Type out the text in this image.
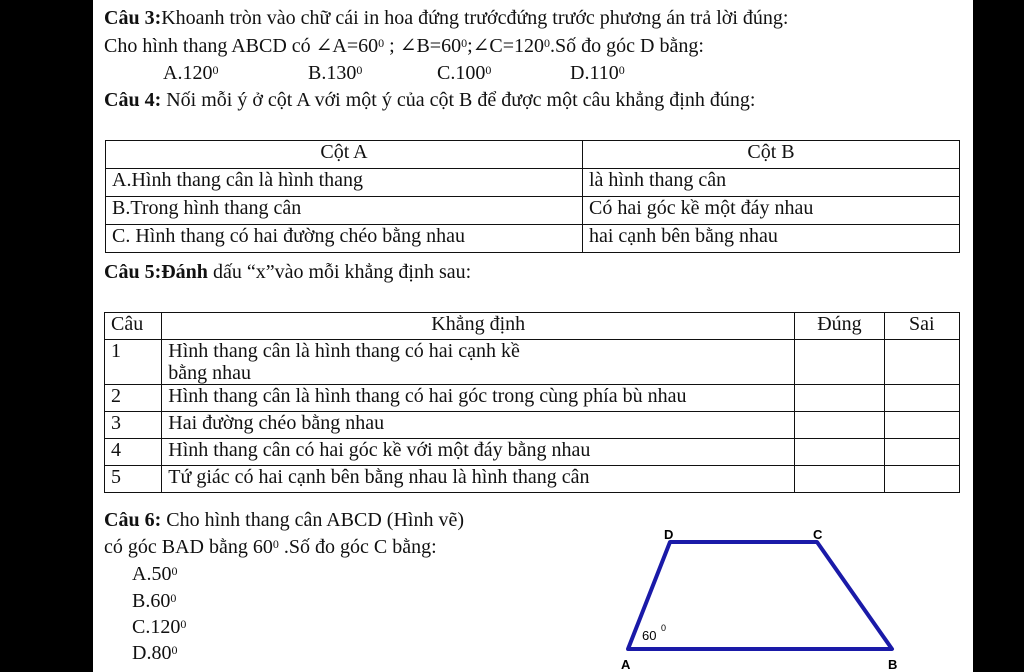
Câu 3:Khoanh tròn vào chữ cái in hoa đứng trướcđứng trước phương án trả lời đúng:
Cho hình thang ABCD có $\angle A=60^0$ ; $\angle B=60^0;\angle C=120^0.Số$ đo góc D bằng:
A.120$^0$	B.130$^0$	C.100$^0$	D.110$^0$
Câu 4: Nối mỗi ý ở cột A với một ý của cột B để được một câu khẳng định đúng:
Cột A	Cột B
A.Hình thang cân là hình thang	là hình thang cân
B.Trong hình thang cân	Có hai góc kề một đáy nhau
C. Hình thang có hai đường chéo bằng nhau	hai cạnh bên bằng nhau
Câu 5:Đánh dấu “x”vào mỗi khẳng định sau:
Câu	Khẳng định	Đúng	Sai
1	Hình thang cân là hình thang có hai cạnh kề
bằng nhau		
2	Hình thang cân là hình thang có hai góc trong cùng phía bù nhau		
3	Hai đường chéo bằng nhau		
4	Hình thang cân có hai góc kề với một đáy bằng nhau		
5	Tứ giác có hai cạnh bên bằng nhau là hình thang cân		
Câu 6: Cho hình thang cân ABCD (Hình vẽ)
có góc BAD bằng $60^0$ .Số đo góc C bằng:
$A.50^0$
$B.60^0$
C.120$^0$
$D.80^0$
D	C
A	B
60 0
